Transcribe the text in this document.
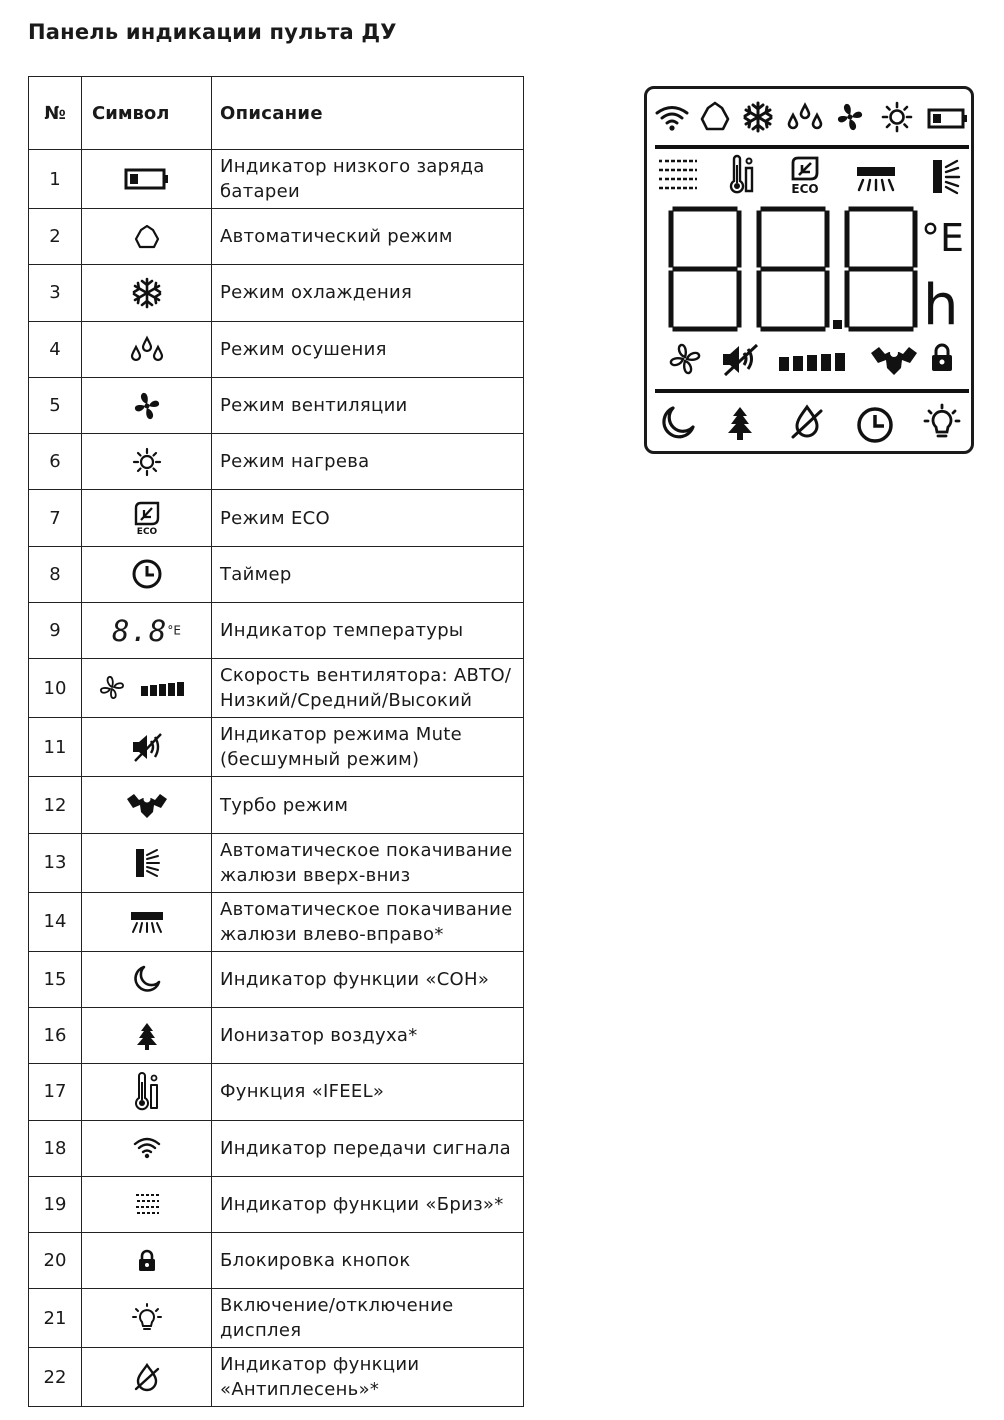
Панель индикации пульта ДУ
№	Символ	Описание
1		Индикатор низкого заряда батареи
2		Автоматический режим
3		Режим охлаждения
4		Режим осушения
5		Режим вентиляции
6		Режим нагрева
7	ECO	Режим ECO
8		Таймер
9	$8.8^{^\circ E}$	Индикатор температуры
10		Скорость вентилятора: АВТО/ Низкий/Средний/Высокий
11		Индикатор режима Mute (бесшумный режим)
12		Турбо режим
13		Автоматическое покачивание жалюзи вверх-вниз
14		Автоматическое покачивание жалюзи влево-вправо*
15		Индикатор функции «СОН»
16		Ионизатор воздуха*
17		Функция «IFEEL»
18		Индикатор передачи сигнала
19		Индикатор функции «Бриз»*
20		Блокировка кнопок
21		Включение/отключение дисплея
22		Индикатор функции «Антиплесень»*
ECO
°E
h
